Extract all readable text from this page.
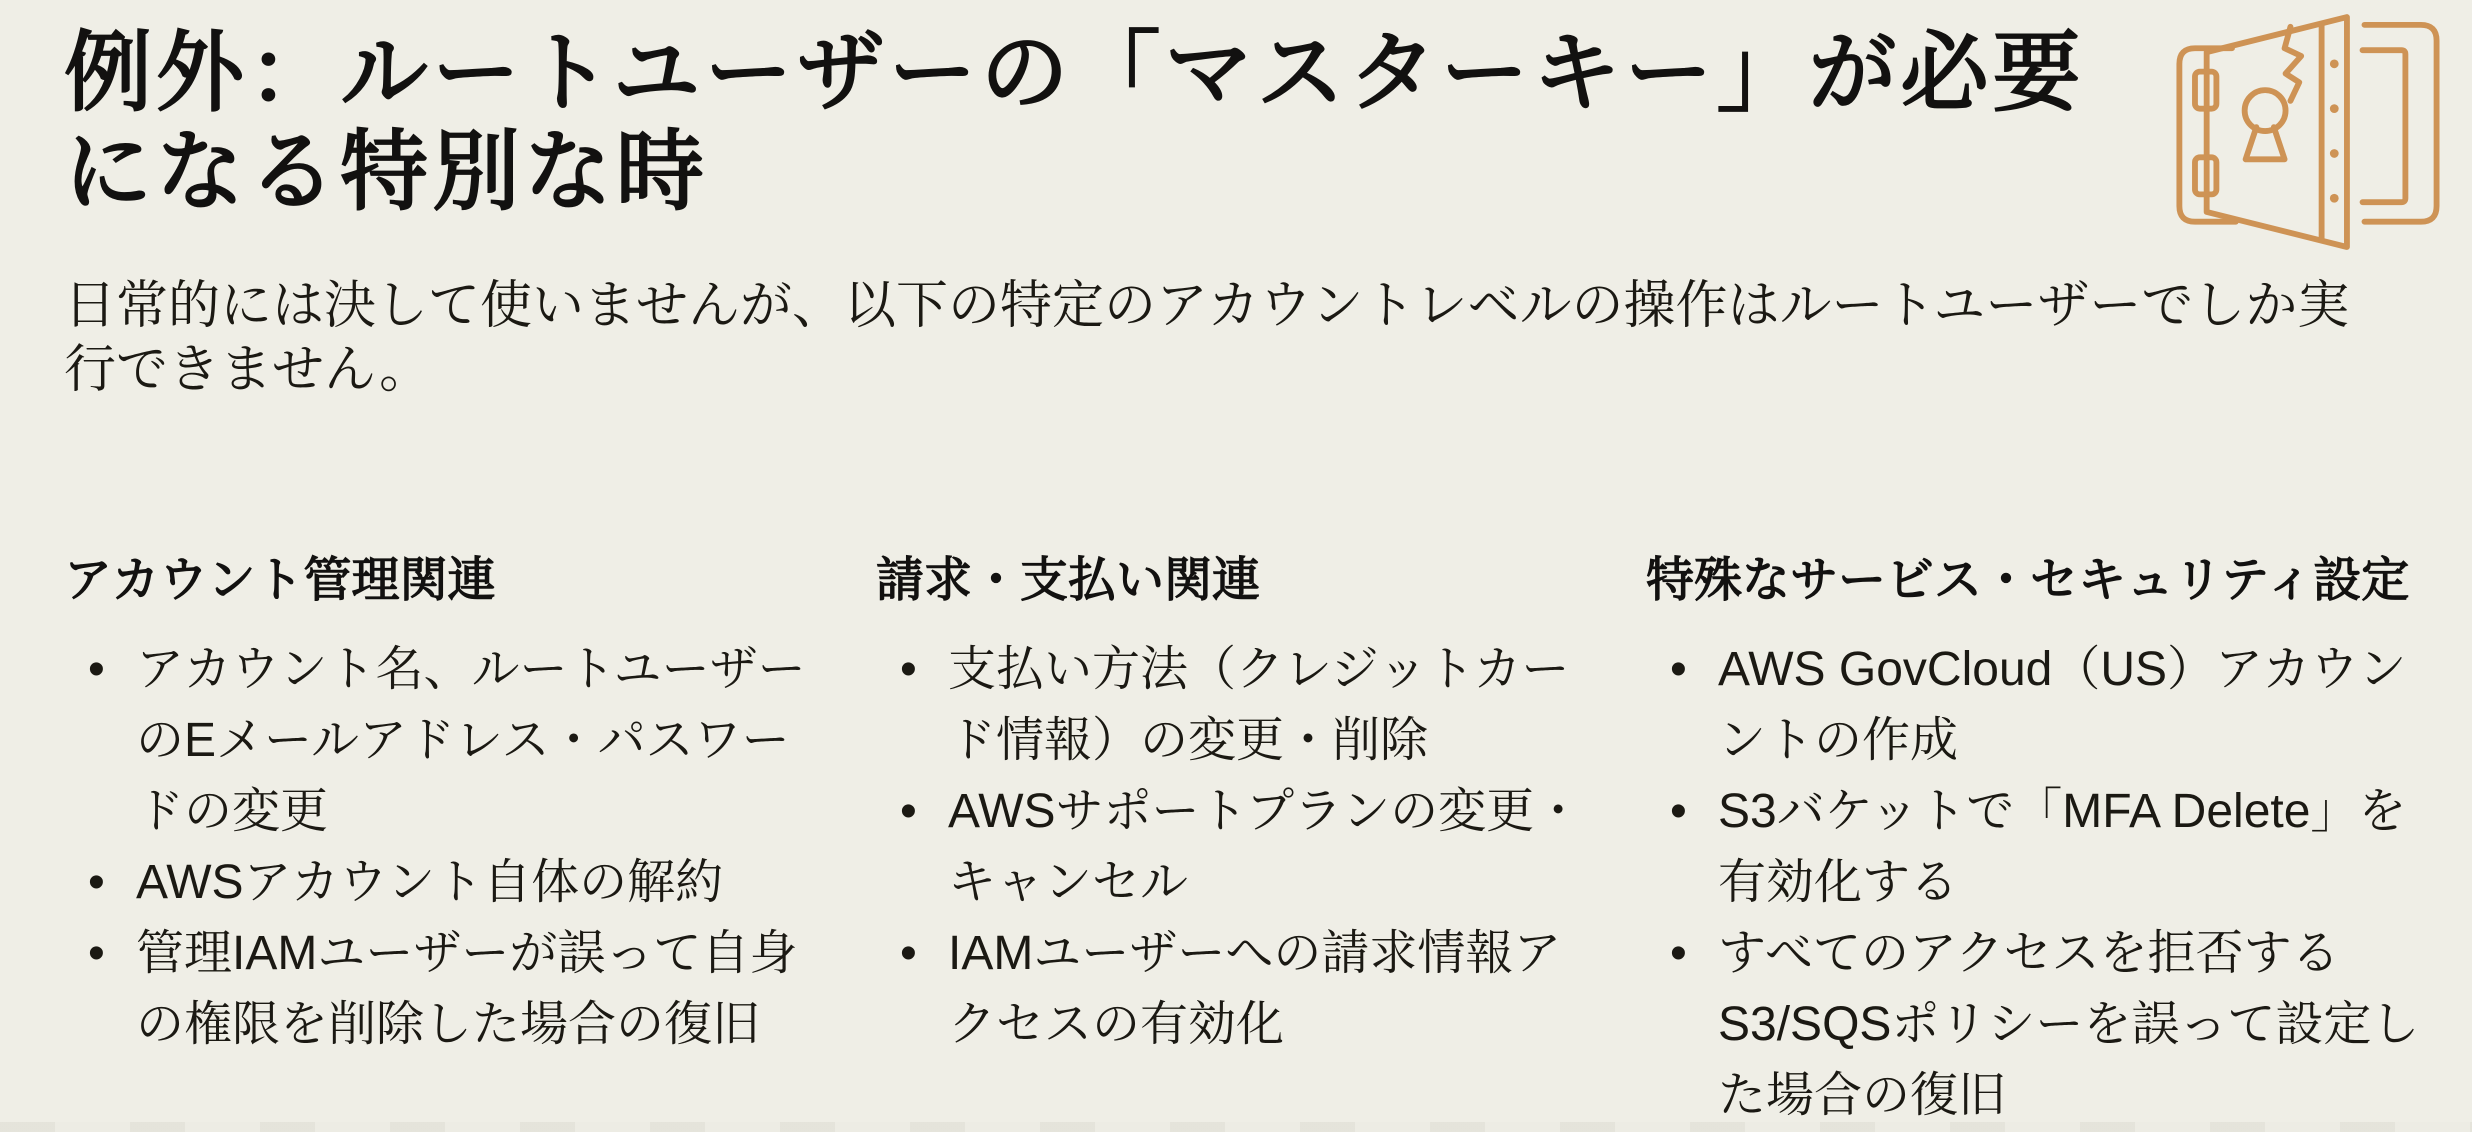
例外：ルートユーザーの「マスターキー」が必要
になる特別な時

日常的には決して使いませんが、以下の特定のアカウントレベルの操作はルートユーザーでしか実行できません。

アカウント管理関連
• アカウント名、ルートユーザーのEメールアドレス・パスワードの変更
• AWSアカウント自体の解約
• 管理IAMユーザーが誤って自身の権限を削除した場合の復旧
請求・支払い関連
• 支払い方法（クレジットカード情報）の変更・削除
• AWSサポートプランの変更・キャンセル
• IAMユーザーへの請求情報アクセスの有効化
特殊なサービス・セキュリティ設定
• AWS GovCloud（US）アカウンントの作成
• S3バケットで「MFA Delete」を有効化する
• すべてのアクセスを拒否するS3/SQSポリシーを誤って設定した場合の復旧
